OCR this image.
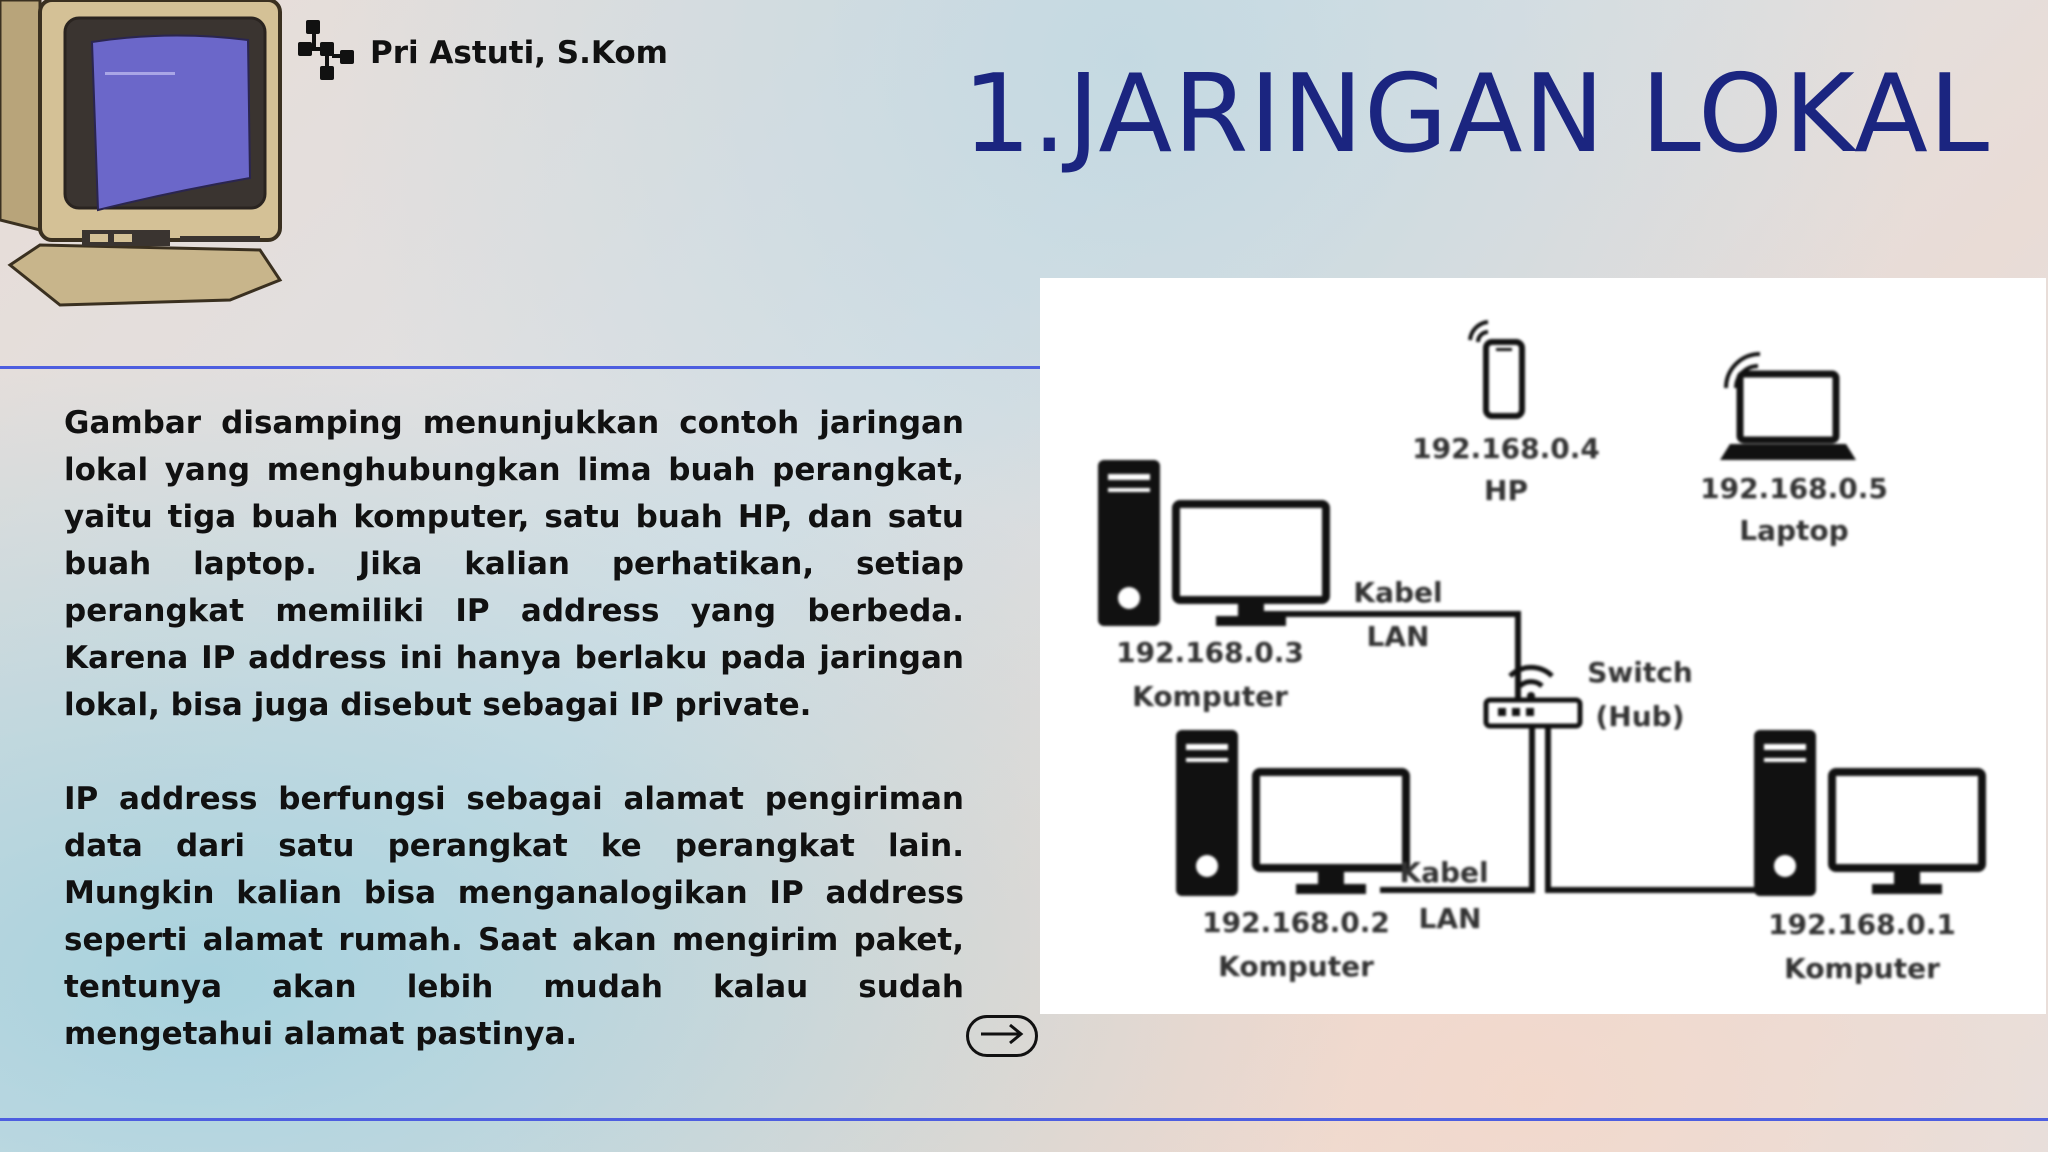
Pri Astuti, S.Kom	1.JARINGAN LOKAL

Gambar disamping menunjukkan contoh jaringan lokal yang menghubungkan lima buah perangkat, yaitu tiga buah komputer, satu buah HP, dan satu buah laptop. Jika kalian perhatikan, setiap perangkat memiliki IP address yang berbeda. Karena IP address ini hanya berlaku pada jaringan lokal, bisa juga disebut sebagai IP private.

IP address berfungsi sebagai alamat pengiriman data dari satu perangkat ke perangkat lain. Mungkin kalian bisa menganalogikan IP address seperti alamat rumah. Saat akan mengirim paket, tentunya akan lebih mudah kalau sudah mengetahui alamat pastinya.

192.168.0.3
Komputer
192.168.0.2
Komputer
192.168.0.1
Komputer
192.168.0.4
HP	192.168.0.5
Laptop
Switch
(Hub)
Kabel
LAN
Kabel
LAN
